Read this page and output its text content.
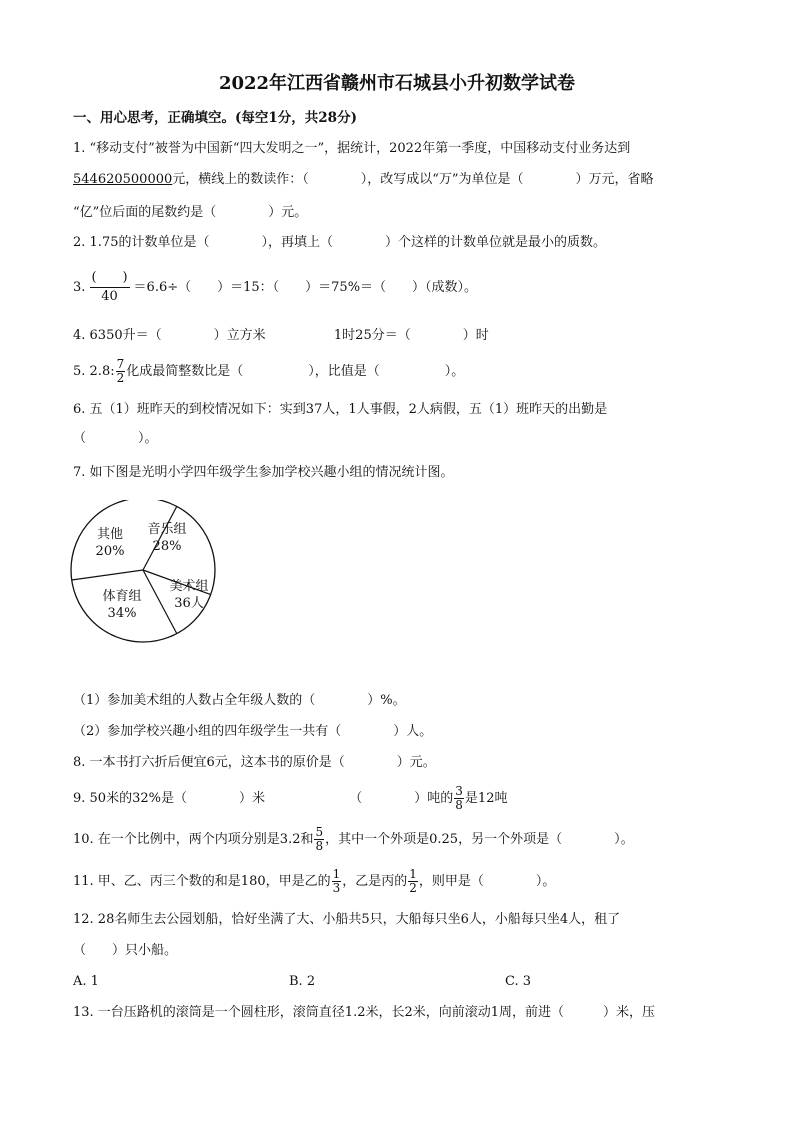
2022年江西省赣州市石城县小升初数学试卷
一、用心思考，正确填空。(每空1分，共28分)
1. “移动支付”被誉为中国新“四大发明之一”，据统计，2022年第一季度，中国移动支付业务达到
544620500000元，横线上的数读作：（　　　　），改写成以“万”为单位是（　　　　）万元，省略
“亿”位后面的尾数约是（　　　　）元。
2. 1.75的计数单位是（　　　　），再填上（　　　　）个这样的计数单位就是最小的质数。
3. $\frac{( )}{40} =6.6\div$（　　）＝15：（　　）＝75%＝（　　）（成数）。
4. 6350升＝（　　　　）立方米	1时25分＝（　　　　）时
5. 2.8: $\frac{7}{2}$ 化成最简整数比是（　　　　　），比值是（　　　　　）。
6. 五（1）班昨天的到校情况如下：实到37人，1人事假，2人病假，五（1）班昨天的出勤是
（　　　　）。
7. 如下图是光明小学四年级学生参加学校兴趣小组的情况统计图。
音乐组
28%
美术组
36人
体育组
34%
其他
20%
（1）参加美术组的人数占全年级人数的（　　　　）%。
（2）参加学校兴趣小组的四年级学生一共有（　　　　）人。
8. 一本书打六折后便宜6元，这本书的原价是（　　　　）元。
9. 50米的32%是（　　　　）米	（　　　　）吨的 $\frac{3}{8}$ 是12吨
10. 在一个比例中，两个内项分别是3.2和 $\frac{5}{8}$ ，其中一个外项是0.25，另一个外项是（　　　　）。
11. 甲、乙、丙三个数的和是180，甲是乙的 $\frac{1}{3}$ ，乙是丙的 $\frac{1}{2}$ ，则甲是（　　　　）。
12. 28名师生去公园划船，恰好坐满了大、小船共5只，大船每只坐6人，小船每只坐4人，租了
（　　）只小船。
A. 1	B. 2	C. 3
13. 一台压路机的滚筒是一个圆柱形，滚筒直径1.2米，长2米，向前滚动1周，前进（　　　）米，压
